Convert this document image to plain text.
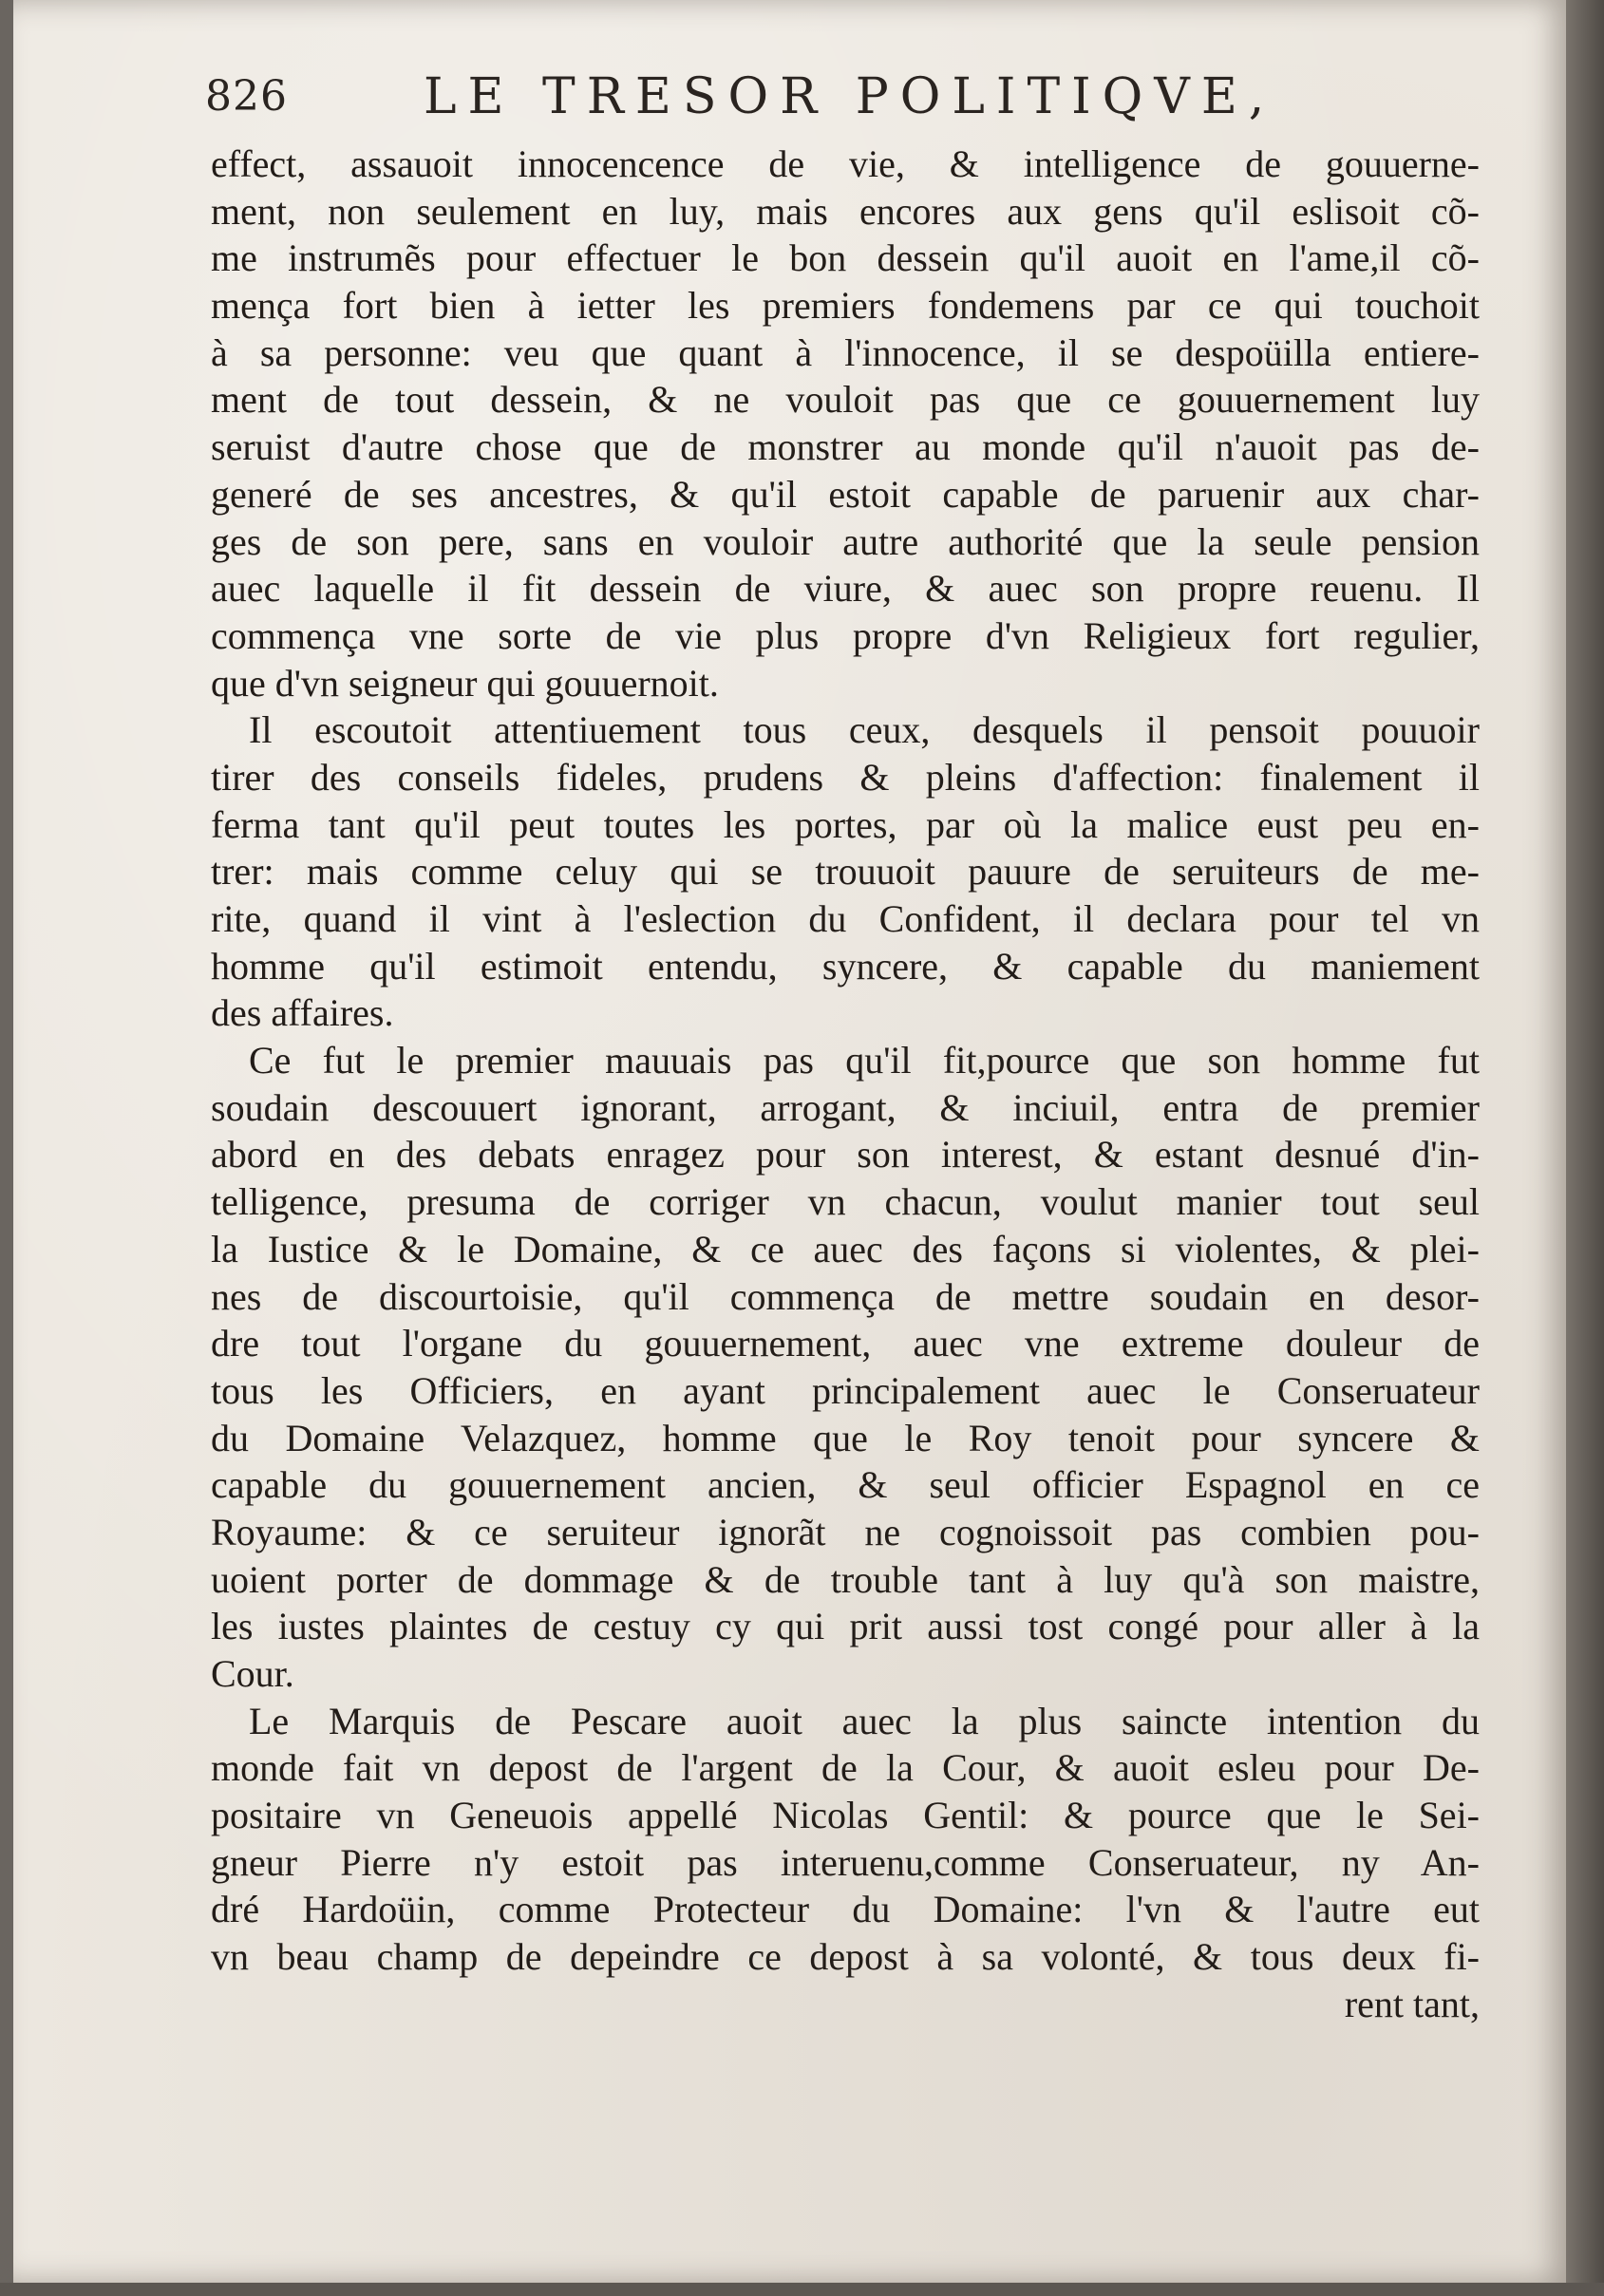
826	LE TRESOR POLITIQVE,
effect, assauoit innocencence de vie, & intelligence de gouuerne-
ment, non seulement en luy, mais encores aux gens qu'il eslisoit cõ-
me instrumẽs pour effectuer le bon dessein qu'il auoit en l'ame,il cõ-
mença fort bien à ietter les premiers fondemens par ce qui touchoit
à sa personne: veu que quant à l'innocence, il se despoüilla entiere-
ment de tout dessein, & ne vouloit pas que ce gouuernement luy
seruist d'autre chose que de monstrer au monde qu'il n'auoit pas de-
generé de ses ancestres, & qu'il estoit capable de paruenir aux char-
ges de son pere, sans en vouloir autre authorité que la seule pension
auec laquelle il fit dessein de viure, & auec son propre reuenu. Il
commença vne sorte de vie plus propre d'vn Religieux fort regulier,
que d'vn seigneur qui gouuernoit.
Il escoutoit attentiuement tous ceux, desquels il pensoit pouuoir
tirer des conseils fideles, prudens & pleins d'affection: finalement il
ferma tant qu'il peut toutes les portes, par où la malice eust peu en-
trer: mais comme celuy qui se trouuoit pauure de seruiteurs de me-
rite, quand il vint à l'eslection du Confident, il declara pour tel vn
homme qu'il estimoit entendu, syncere, & capable du maniement
des affaires.
Ce fut le premier mauuais pas qu'il fit,pource que son homme fut
soudain descouuert ignorant, arrogant, & inciuil, entra de premier
abord en des debats enragez pour son interest, & estant desnué d'in-
telligence, presuma de corriger vn chacun, voulut manier tout seul
la Iustice & le Domaine, & ce auec des façons si violentes, & plei-
nes de discourtoisie, qu'il commença de mettre soudain en desor-
dre tout l'organe du gouuernement, auec vne extreme douleur de
tous les Officiers, en ayant principalement auec le Conseruateur
du Domaine Velazquez, homme que le Roy tenoit pour syncere &
capable du gouuernement ancien, & seul officier Espagnol en ce
Royaume: & ce seruiteur ignorãt ne cognoissoit pas combien pou-
uoient porter de dommage & de trouble tant à luy qu'à son maistre,
les iustes plaintes de cestuy cy qui prit aussi tost congé pour aller à la
Cour.
Le Marquis de Pescare auoit auec la plus saincte intention du
monde fait vn depost de l'argent de la Cour, & auoit esleu pour De-
positaire vn Geneuois appellé Nicolas Gentil: & pource que le Sei-
gneur Pierre n'y estoit pas interuenu,comme Conseruateur, ny An-
dré Hardoüin, comme Protecteur du Domaine: l'vn & l'autre eut
vn beau champ de depeindre ce depost à sa volonté, & tous deux fi-
rent tant,
